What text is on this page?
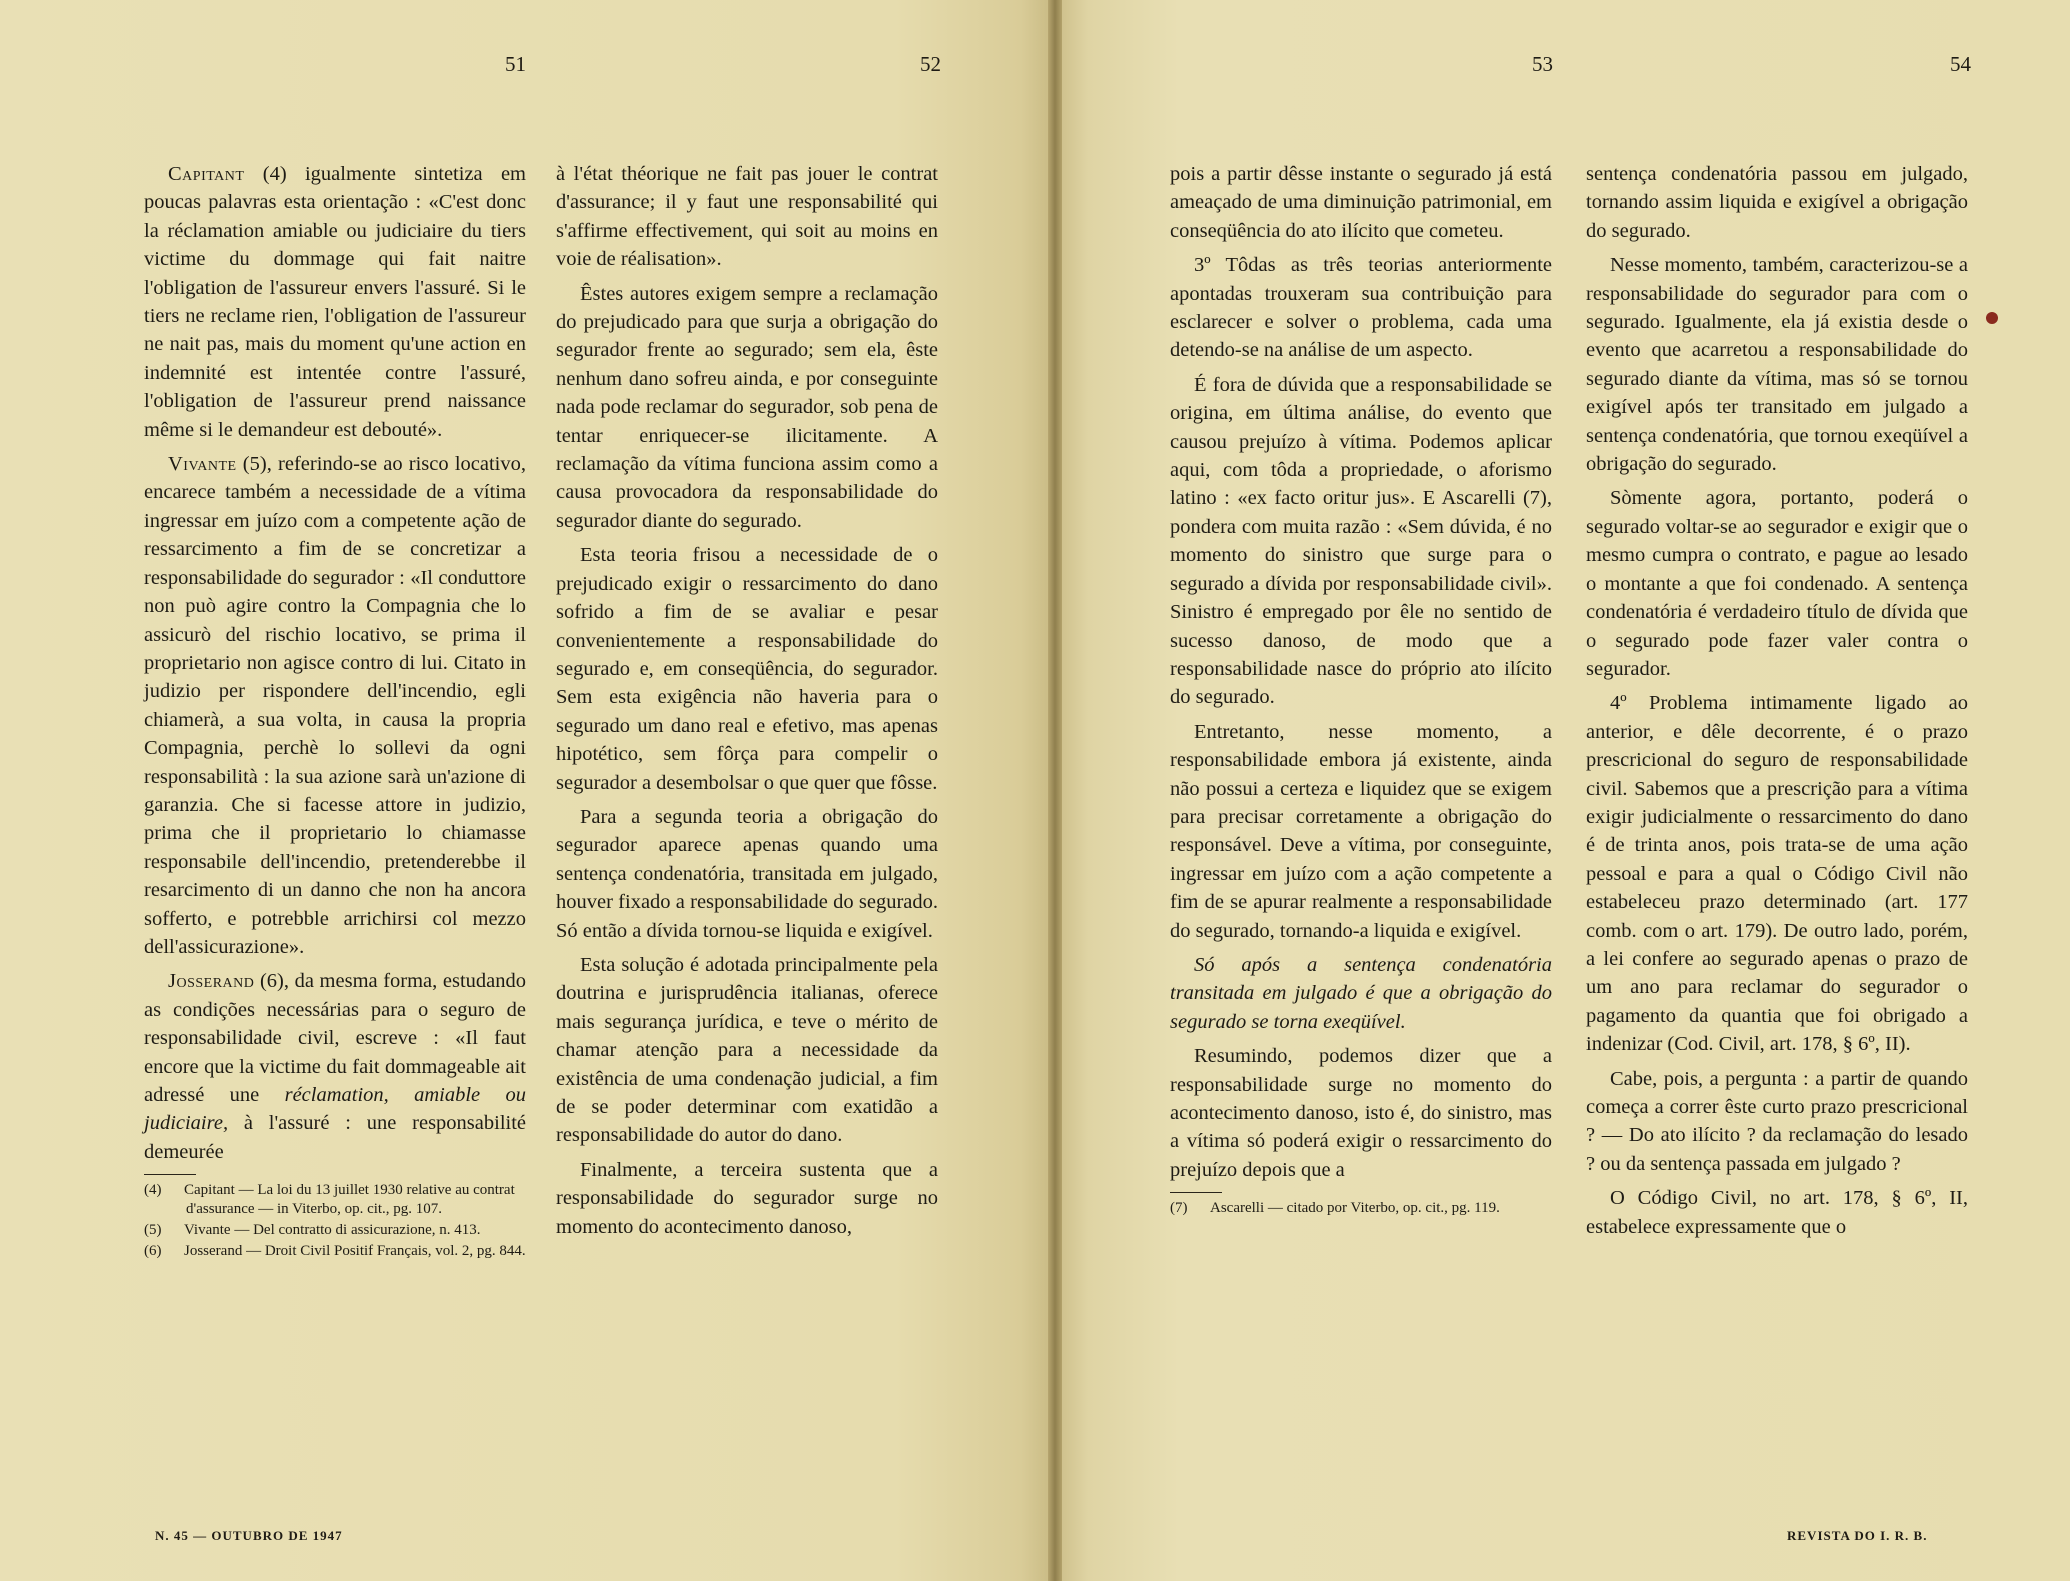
51

Capitant (4) igualmente sintetiza em poucas palavras esta orientação : «C'est donc la réclamation amiable ou judiciaire du tiers victime du dommage qui fait naitre l'obligation de l'assureur envers l'assuré. Si le tiers ne reclame rien, l'obligation de l'assureur ne nait pas, mais du moment qu'une action en indemnité est intentée contre l'assuré, l'obligation de l'assureur prend naissance même si le demandeur est debouté».

Vivante (5), referindo-se ao risco locativo, encarece também a necessidade de a vítima ingressar em juízo com a competente ação de ressarcimento a fim de se concretizar a responsabilidade do segurador : «Il conduttore non può agire contro la Compagnia che lo assicurò del rischio locativo, se prima il proprietario non agisce contro di lui. Citato in judizio per rispondere dell'incendio, egli chiamerà, a sua volta, in causa la propria Compagnia, perchè lo sollevi da ogni responsabilità : la sua azione sarà un'azione di garanzia. Che si facesse attore in judizio, prima che il proprietario lo chiamasse responsabile dell'incendio, pretenderebbe il resarcimento di un danno che non ha ancora sofferto, e potrebble arrichirsi col mezzo dell'assicurazione».

Josserand (6), da mesma forma, estudando as condições necessárias para o seguro de responsabilidade civil, escreve : «Il faut encore que la victime du fait dommageable ait adressé une réclamation, amiable ou judiciaire, à l'assuré : une responsabilité demeurée

(4) Capitant — La loi du 13 juillet 1930 relative au contrat d'assurance — in Viterbo, op. cit., pg. 107.
(5) Vivante — Del contratto di assicurazione, n. 413.
(6) Josserand — Droit Civil Positif Français, vol. 2, pg. 844.
N. 45 — OUTUBRO DE 1947
52

à l'état théorique ne fait pas jouer le contrat d'assurance; il y faut une responsabilité qui s'affirme effectivement, qui soit au moins en voie de réalisation».

Êstes autores exigem sempre a reclamação do prejudicado para que surja a obrigação do segurador frente ao segurado; sem ela, êste nenhum dano sofreu ainda, e por conseguinte nada pode reclamar do segurador, sob pena de tentar enriquecer-se ilicitamente. A reclamação da vítima funciona assim como a causa provocadora da responsabilidade do segurador diante do segurado.

Esta teoria frisou a necessidade de o prejudicado exigir o ressarcimento do dano sofrido a fim de se avaliar e pesar convenientemente a responsabilidade do segurado e, em conseqüência, do segurador. Sem esta exigência não haveria para o segurado um dano real e efetivo, mas apenas hipotético, sem fôrça para compelir o segurador a desembolsar o que quer que fôsse.

Para a segunda teoria a obrigação do segurador aparece apenas quando uma sentença condenatória, transitada em julgado, houver fixado a responsabilidade do segurado. Só então a dívida tornou-se liquida e exigível.

Esta solução é adotada principalmente pela doutrina e jurisprudência italianas, oferece mais segurança jurídica, e teve o mérito de chamar atenção para a necessidade da existência de uma condenação judicial, a fim de se poder determinar com exatidão a responsabilidade do autor do dano.

Finalmente, a terceira sustenta que a responsabilidade do segurador surge no momento do acontecimento danoso,

53

pois a partir dêsse instante o segurado já está ameaçado de uma diminuição patrimonial, em conseqüência do ato ilícito que cometeu.

3º Tôdas as três teorias anteriormente apontadas trouxeram sua contribuição para esclarecer e solver o problema, cada uma detendo-se na análise de um aspecto.

É fora de dúvida que a responsabilidade se origina, em última análise, do evento que causou prejuízo à vítima. Podemos aplicar aqui, com tôda a propriedade, o aforismo latino : «ex facto oritur jus». E Ascarelli (7), pondera com muita razão : «Sem dúvida, é no momento do sinistro que surge para o segurado a dívida por responsabilidade civil». Sinistro é empregado por êle no sentido de sucesso danoso, de modo que a responsabilidade nasce do próprio ato ilícito do segurado.

Entretanto, nesse momento, a responsabilidade embora já existente, ainda não possui a certeza e liquidez que se exigem para precisar corretamente a obrigação do responsável. Deve a vítima, por conseguinte, ingressar em juízo com a ação competente a fim de se apurar realmente a responsabilidade do segurado, tornando-a liquida e exigível.

Só após a sentença condenatória transitada em julgado é que a obrigação do segurado se torna exeqüível.

Resumindo, podemos dizer que a responsabilidade surge no momento do acontecimento danoso, isto é, do sinistro, mas a vítima só poderá exigir o ressarcimento do prejuízo depois que a

(7) Ascarelli — citado por Viterbo, op. cit., pg. 119.
54

sentença condenatória passou em julgado, tornando assim liquida e exigível a obrigação do segurado.

Nesse momento, também, caracterizou-se a responsabilidade do segurador para com o segurado. Igualmente, ela já existia desde o evento que acarretou a responsabilidade do segurado diante da vítima, mas só se tornou exigível após ter transitado em julgado a sentença condenatória, que tornou exeqüível a obrigação do segurado.

Sòmente agora, portanto, poderá o segurado voltar-se ao segurador e exigir que o mesmo cumpra o contrato, e pague ao lesado o montante a que foi condenado. A sentença condenatória é verdadeiro título de dívida que o segurado pode fazer valer contra o segurador.

4º Problema intimamente ligado ao anterior, e dêle decorrente, é o prazo prescricional do seguro de responsabilidade civil. Sabemos que a prescrição para a vítima exigir judicialmente o ressarcimento do dano é de trinta anos, pois trata-se de uma ação pessoal e para a qual o Código Civil não estabeleceu prazo determinado (art. 177 comb. com o art. 179). De outro lado, porém, a lei confere ao segurado apenas o prazo de um ano para reclamar do segurador o pagamento da quantia que foi obrigado a indenizar (Cod. Civil, art. 178, § 6º, II).

Cabe, pois, a pergunta : a partir de quando começa a correr êste curto prazo prescricional ? — Do ato ilícito ? da reclamação do lesado ? ou da sentença passada em julgado ?

O Código Civil, no art. 178, § 6º, II, estabelece expressamente que o

REVISTA DO I. R. B.
